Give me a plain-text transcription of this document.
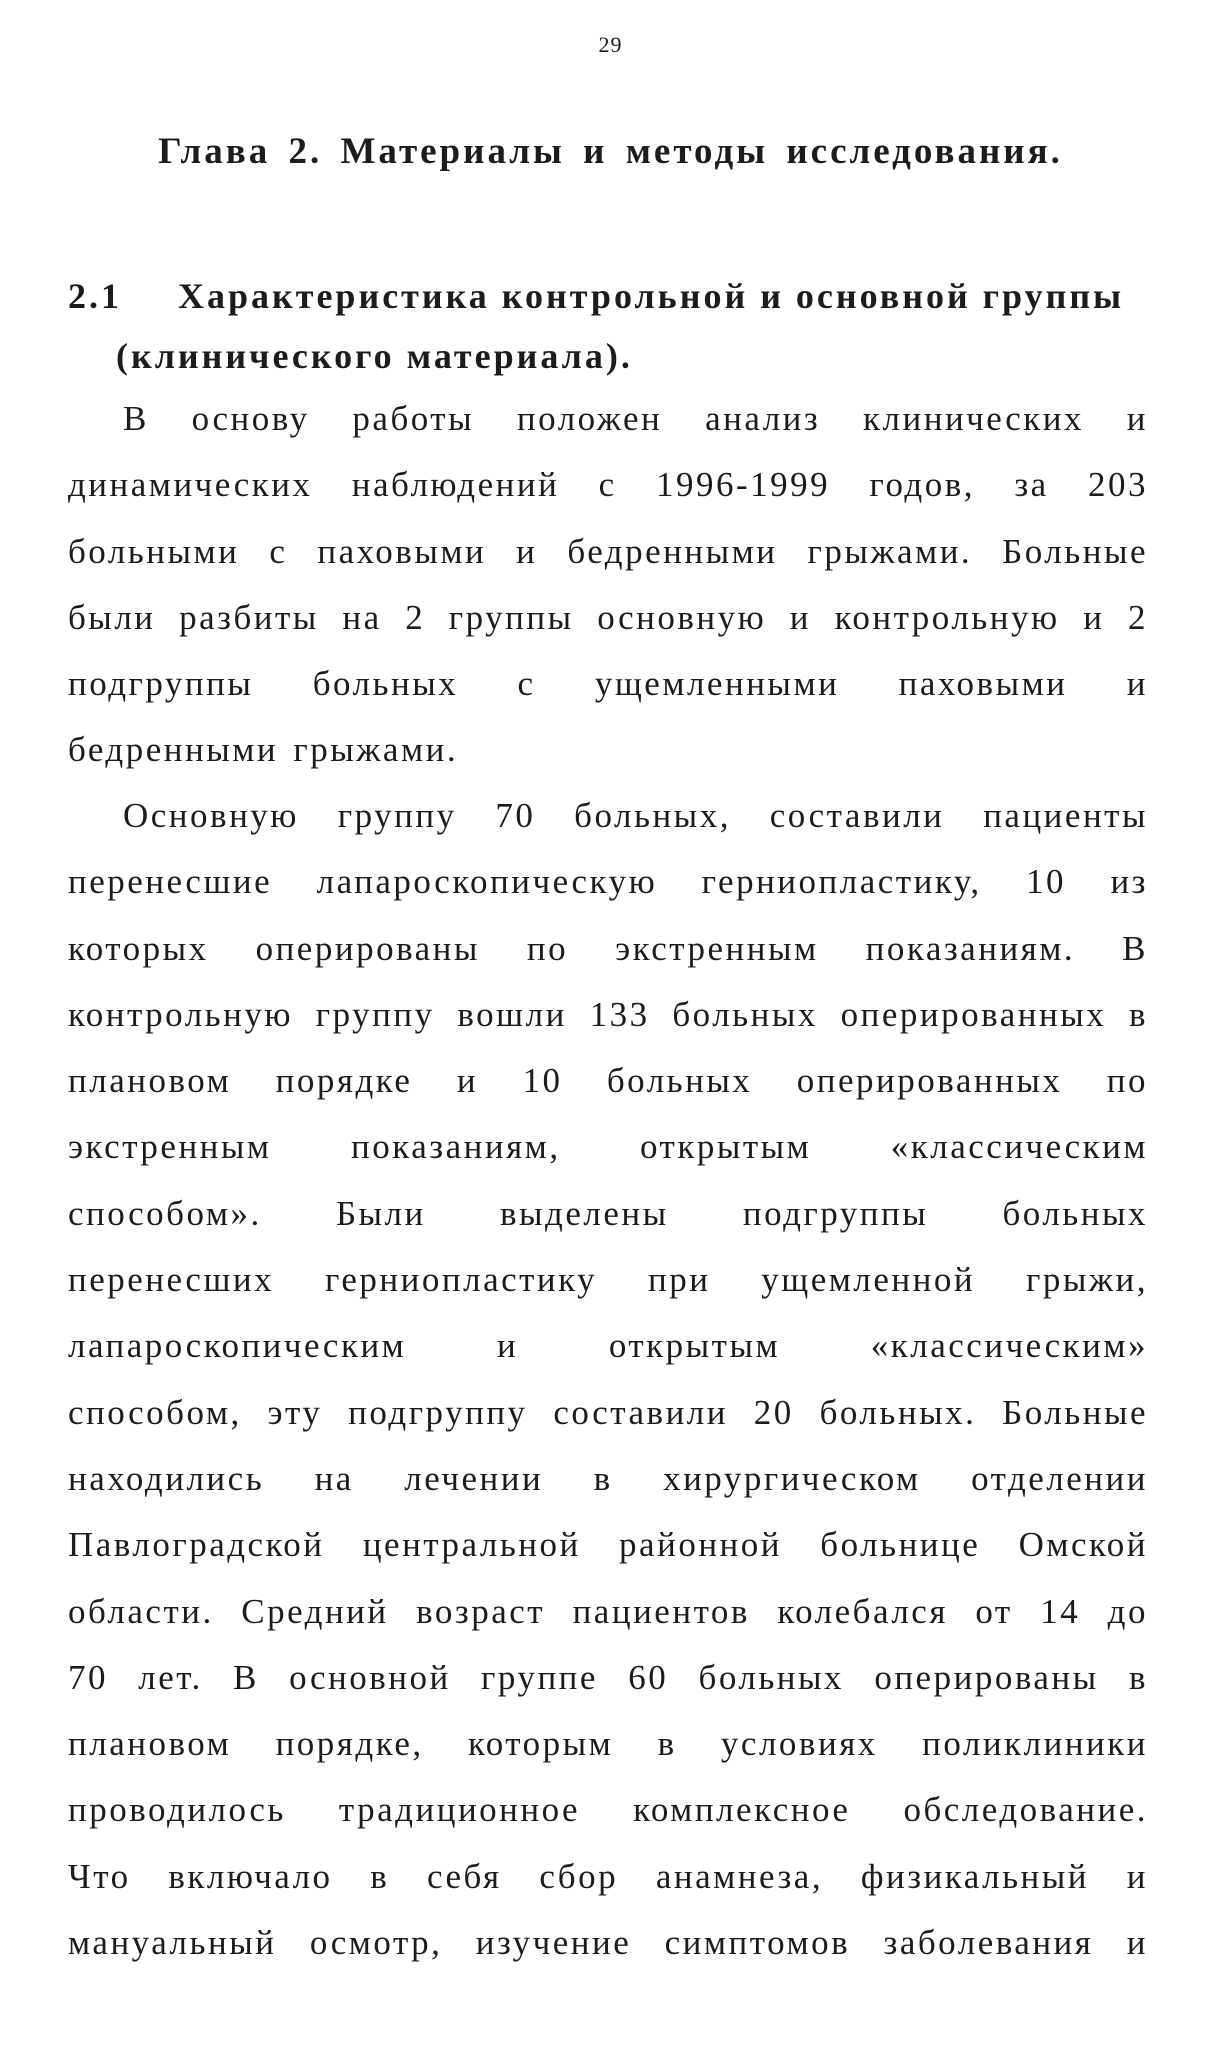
29
Глава 2. Материалы и методы исследования.
2.1 Характеристика контрольной и основной группы
(клинического материала).
В основу работы положен анализ клинических и
динамических наблюдений с 1996-1999 годов, за 203
больными с паховыми и бедренными грыжами. Больные
были разбиты на 2 группы основную и контрольную и 2
подгруппы больных с ущемленными паховыми и
бедренными грыжами.
Основную группу 70 больных, составили пациенты
перенесшие лапароскопическую герниопластику, 10 из
которых оперированы по экстренным показаниям. В
контрольную группу вошли 133 больных оперированных в
плановом порядке и 10 больных оперированных по
экстренным показаниям, открытым «классическим
способом». Были выделены подгруппы больных
перенесших герниопластику при ущемленной грыжи,
лапароскопическим и открытым «классическим»
способом, эту подгруппу составили 20 больных. Больные
находились на лечении в хирургическом отделении
Павлоградской центральной районной больнице Омской
области. Средний возраст пациентов колебался от 14 до
70 лет. В основной группе 60 больных оперированы в
плановом порядке, которым в условиях поликлиники
проводилось традиционное комплексное обследование.
Что включало в себя сбор анамнеза, физикальный и
мануальный осмотр, изучение симптомов заболевания и
